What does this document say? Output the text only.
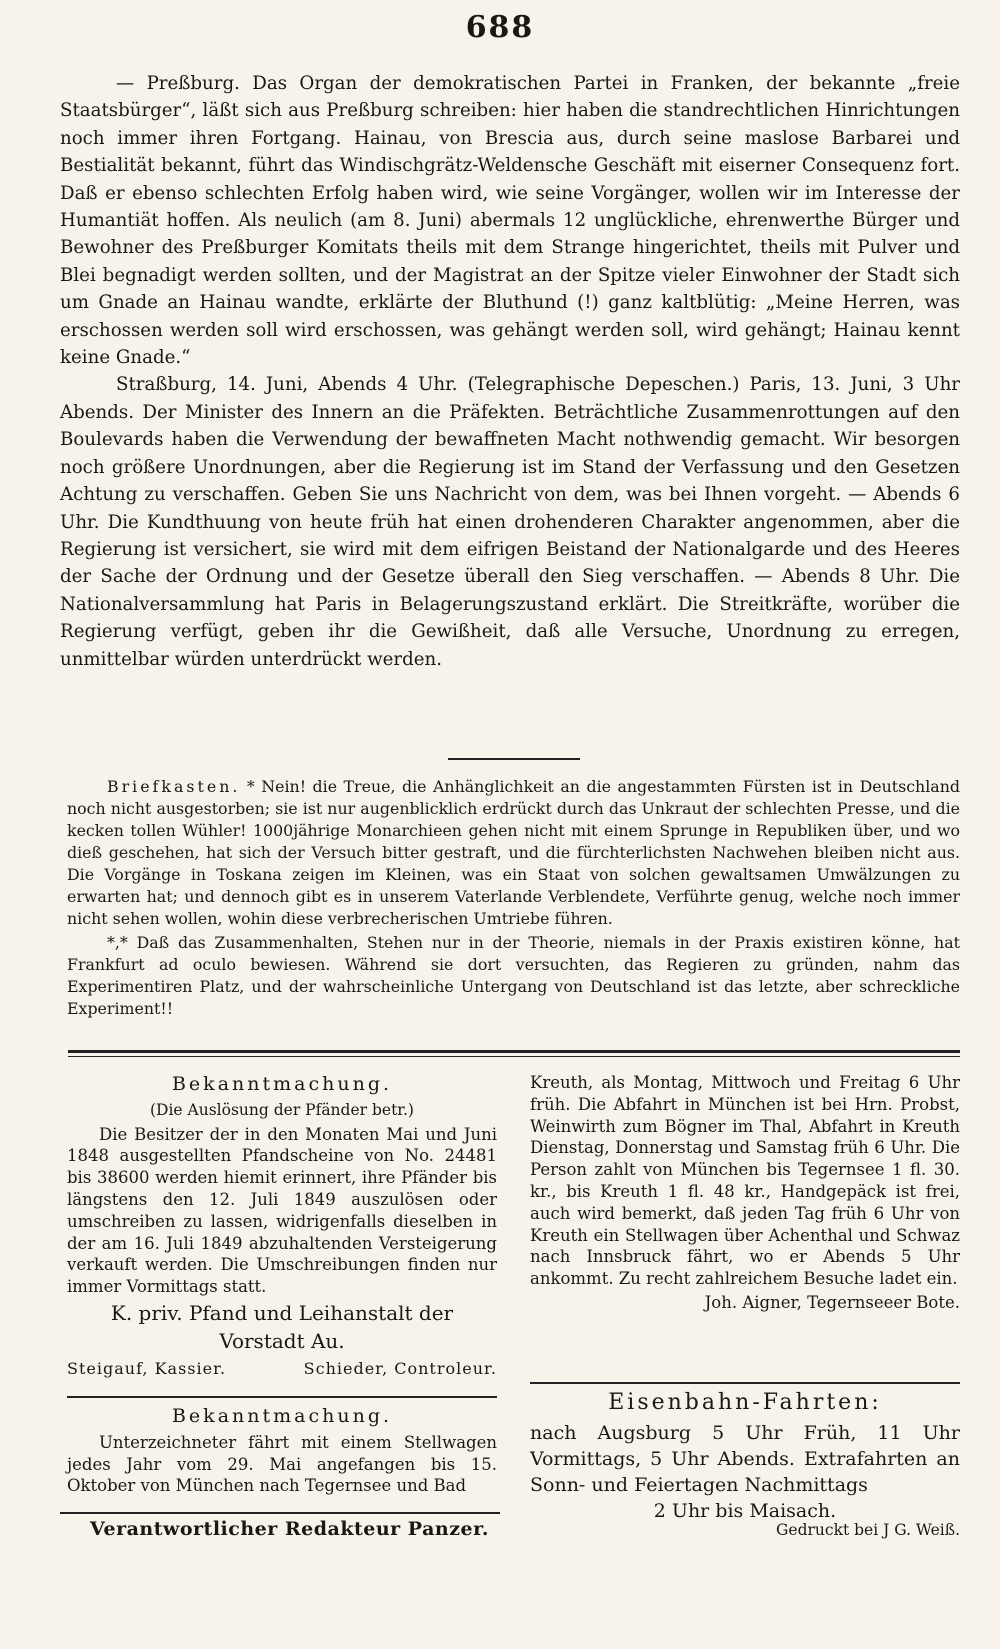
688

— Preßburg. Das Organ der demokratischen Partei in Franken, der bekannte „freie Staatsbürger“, läßt sich aus Preßburg schreiben: hier haben die standrechtlichen Hinrichtungen noch immer ihren Fortgang. Hainau, von Brescia aus, durch seine maslose Barbarei und Bestialität bekannt, führt das Windischgrätz-Weldensche Geschäft mit eiserner Consequenz fort. Daß er ebenso schlechten Erfolg haben wird, wie seine Vorgänger, wollen wir im Interesse der Humantiät hoffen. Als neulich (am 8. Juni) abermals 12 unglückliche, ehrenwerthe Bürger und Bewohner des Preßburger Komitats theils mit dem Strange hingerichtet, theils mit Pulver und Blei begnadigt werden sollten, und der Magistrat an der Spitze vieler Einwohner der Stadt sich um Gnade an Hainau wandte, erklärte der Bluthund (!) ganz kaltblütig: „Meine Herren, was erschossen werden soll wird erschossen, was gehängt werden soll, wird gehängt; Hainau kennt keine Gnade.“

Straßburg, 14. Juni, Abends 4 Uhr. (Telegraphische Depeschen.) Paris, 13. Juni, 3 Uhr Abends. Der Minister des Innern an die Präfekten. Beträchtliche Zusammenrottungen auf den Boulevards haben die Verwendung der bewaffneten Macht nothwendig gemacht. Wir besorgen noch größere Unordnungen, aber die Regierung ist im Stand der Verfassung und den Gesetzen Achtung zu verschaffen. Geben Sie uns Nachricht von dem, was bei Ihnen vorgeht. — Abends 6 Uhr. Die Kundthuung von heute früh hat einen drohenderen Charakter angenommen, aber die Regierung ist versichert, sie wird mit dem eifrigen Beistand der Nationalgarde und des Heeres der Sache der Ordnung und der Gesetze überall den Sieg verschaffen. — Abends 8 Uhr. Die Nationalversammlung hat Paris in Belagerungszustand erklärt. Die Streitkräfte, worüber die Regierung verfügt, geben ihr die Gewißheit, daß alle Versuche, Unordnung zu erregen, unmittelbar würden unterdrückt werden.

Briefkasten. * Nein! die Treue, die Anhänglichkeit an die angestammten Fürsten ist in Deutschland noch nicht ausgestorben; sie ist nur augenblicklich erdrückt durch das Unkraut der schlechten Presse, und die kecken tollen Wühler! 1000jährige Monarchieen gehen nicht mit einem Sprunge in Republiken über, und wo dieß geschehen, hat sich der Versuch bitter gestraft, und die fürchterlichsten Nachwehen bleiben nicht aus. Die Vorgänge in Toskana zeigen im Kleinen, was ein Staat von solchen gewaltsamen Umwälzungen zu erwarten hat; und dennoch gibt es in unserem Vaterlande Verblendete, Verführte genug, welche noch immer nicht sehen wollen, wohin diese verbrecherischen Umtriebe führen.

*,* Daß das Zusammenhalten, Stehen nur in der Theorie, niemals in der Praxis existiren könne, hat Frankfurt ad oculo bewiesen. Während sie dort versuchten, das Regieren zu gründen, nahm das Experimentiren Platz, und der wahrscheinliche Untergang von Deutschland ist das letzte, aber schreckliche Experiment!!

Bekanntmachung.
(Die Auslösung der Pfänder betr.)

Die Besitzer der in den Monaten Mai und Juni 1848 ausgestellten Pfandscheine von No. 24481 bis 38600 werden hiemit erinnert, ihre Pfänder bis längstens den 12. Juli 1849 auszulösen oder umschreiben zu lassen, widrigenfalls dieselben in der am 16. Juli 1849 abzuhaltenden Versteigerung verkauft werden. Die Umschreibungen finden nur immer Vormittags statt.

K. priv. Pfand und Leihanstalt der
Vorstadt Au.
Steigauf, Kassier.	Schieder, Controleur.
Bekanntmachung.

Unterzeichneter fährt mit einem Stellwagen jedes Jahr vom 29. Mai angefangen bis 15. Oktober von München nach Tegernsee und Bad

Kreuth, als Montag, Mittwoch und Freitag 6 Uhr früh. Die Abfahrt in München ist bei Hrn. Probst, Weinwirth zum Bögner im Thal, Abfahrt in Kreuth Dienstag, Donnerstag und Samstag früh 6 Uhr. Die Person zahlt von München bis Tegernsee 1 fl. 30. kr., bis Kreuth 1 fl. 48 kr., Handgepäck ist frei, auch wird bemerkt, daß jeden Tag früh 6 Uhr von Kreuth ein Stellwagen über Achenthal und Schwaz nach Innsbruck fährt, wo er Abends 5 Uhr ankommt. Zu recht zahlreichem Besuche ladet ein.

Joh. Aigner, Tegernseeer Bote.
Eisenbahn-Fahrten:

nach Augsburg 5 Uhr Früh, 11 Uhr Vormittags, 5 Uhr Abends. Extrafahrten an Sonn- und Feiertagen Nachmittags

2 Uhr bis Maisach.

Verantwortlicher Redakteur Panzer.	Gedruckt bei J G. Weiß.
